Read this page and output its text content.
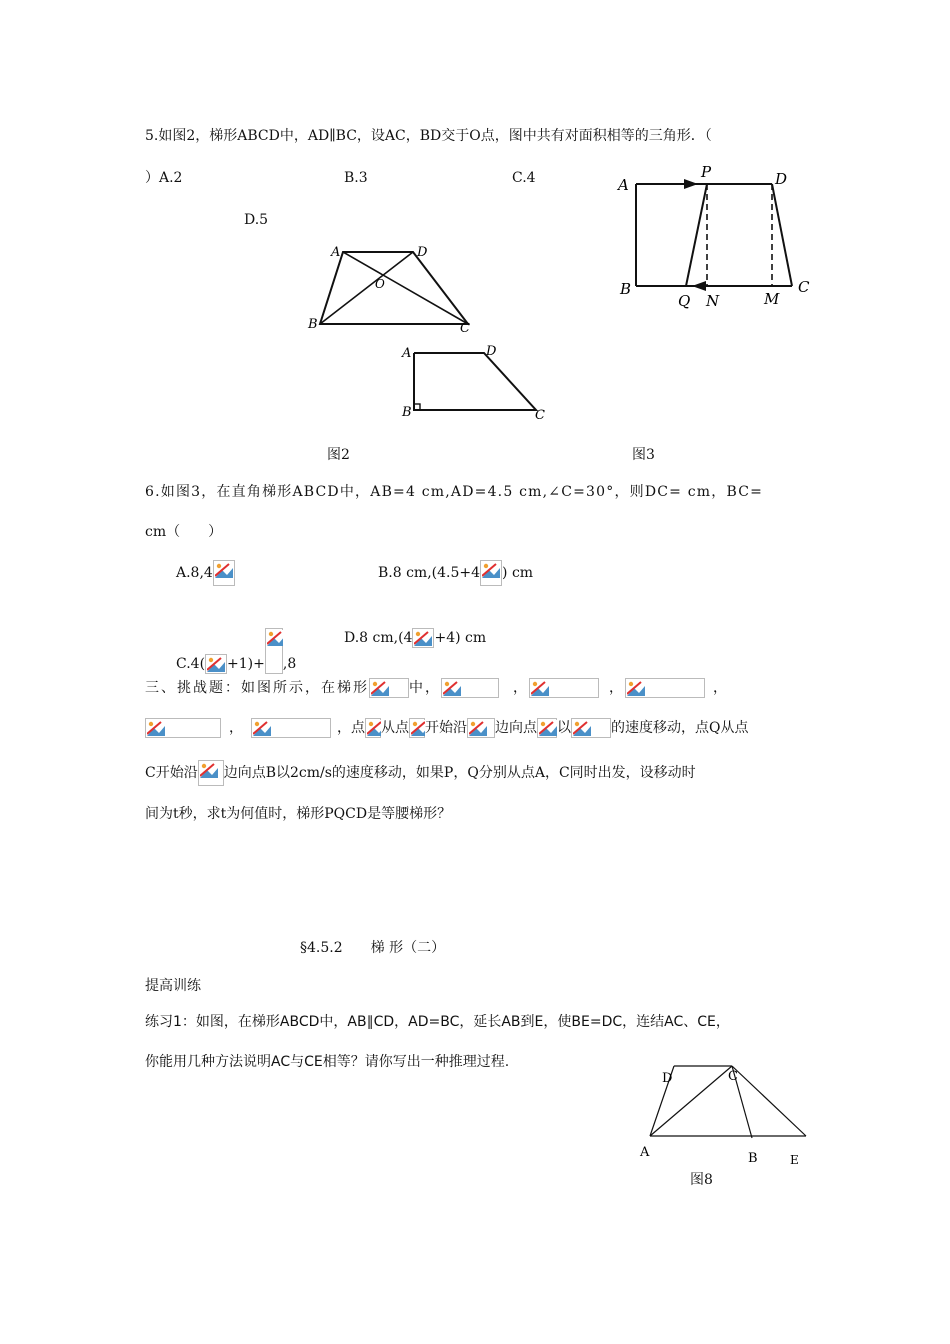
5.如图2，梯形ABCD中，AD∥BC，设AC，BD交于O点，图中共有对面积相等的三角形．（
）A.2	B.3	C.4
D.5
A	D
O
B	C
A	D
B	C
图2
A
P	D
B
Q N	M
C
图3
6.如图3，在直角梯形ABCD中，AB=4 cm,AD=4.5 cm,∠C=30°，则DC= cm，BC=
cm（　　）
A.8,4	B.8 cm,(4.5+4 ) cm
C.4( +1)+ ,8
D.8 cm,(4 +4) cm
三、挑战题：如图所示，在梯形	中，	，	，	，
，	，点 从点 开始沿 边向点 以	的速度移动，点Q从点
C开始沿 边向点B以2cm/s的速度移动，如果P，Q分别从点A，C同时出发，设移动时
间为t秒，求t为何值时，梯形PQCD是等腰梯形？
§4.5.2　　梯 形（二）
提高训练
练习1：如图，在梯形ABCD中，AB∥CD，AD=BC，延长AB到E，使BE=DC，连结AC、CE，
你能用几种方法说明AC与CE相等？请你写出一种推理过程.
D	C
A	B	E
图8
